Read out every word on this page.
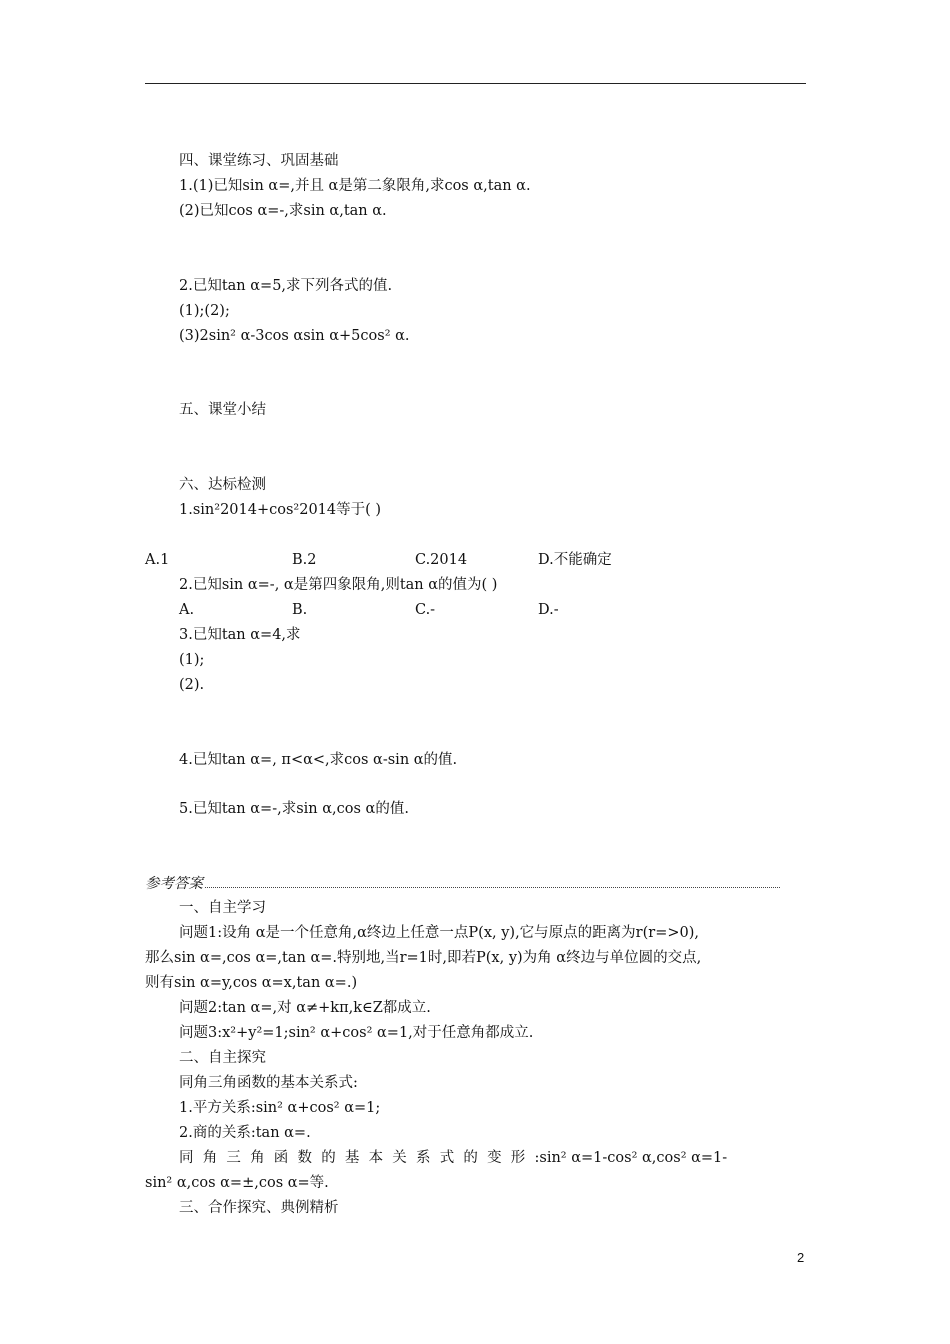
四、课堂练习、巩固基础
1.(1)已知sin α=,并且 α是第二象限角,求cos α,tan α.
(2)已知cos α=-,求sin α,tan α.
2.已知tan α=5,求下列各式的值.
(1);(2);
(3)2sin² α-3cos αsin α+5cos² α.
五、课堂小结
六、达标检测
1.sin²2014+cos²2014等于( )
A.1	B.2	C.2014	D.不能确定
2.已知sin α=-, α是第四象限角,则tan α的值为( )
A.	B.	C.-	D.-
3.已知tan α=4,求
(1);
(2).
4.已知tan α=, π<α<,求cos α-sin α的值.
5.已知tan α=-,求sin α,cos α的值.
参考答案
一、自主学习
问题1:设角 α是一个任意角,α终边上任意一点P(x, y),它与原点的距离为r(r=>0),
那么sin α=,cos α=,tan α=.特别地,当r=1时,即若P(x, y)为角 α终边与单位圆的交点,
则有sin α=y,cos α=x,tan α=.)
问题2:tan α=,对 α≠+kπ,k∈Z都成立.
问题3:x²+y²=1;sin² α+cos² α=1,对于任意角都成立.
二、自主探究
同角三角函数的基本关系式:
1.平方关系:sin² α+cos² α=1;
2.商的关系:tan α=.
同角三角函数的基本关系式的变形:sin² α=1-cos² α,cos² α=1-
sin² α,cos α=±,cos α=等.
三、合作探究、典例精析
2
